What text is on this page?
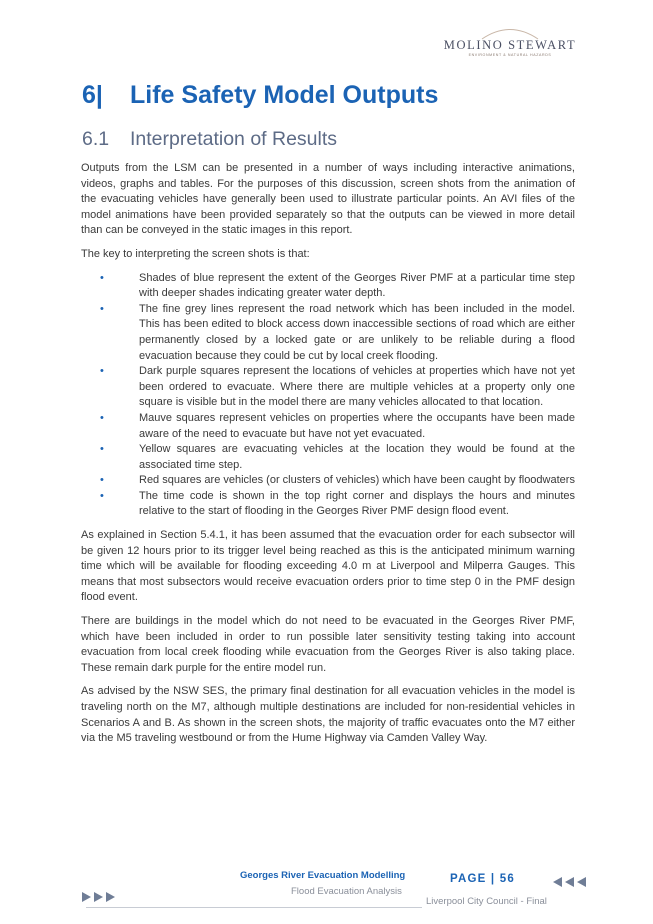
MOLINO STEWART
ENVIRONMENT & NATURAL HAZARDS
6| Life Safety Model Outputs
6.1 Interpretation of Results

Outputs from the LSM can be presented in a number of ways including interactive animations, videos, graphs and tables. For the purposes of this discussion, screen shots from the animation of the evacuating vehicles have generally been used to illustrate particular points. An AVI files of the model animations have been provided separately so that the outputs can be viewed in more detail than can be conveyed in the static images in this report.

The key to interpreting the screen shots is that:

•	Shades of blue represent the extent of the Georges River PMF at a particular time step with deeper shades indicating greater water depth.
•	The fine grey lines represent the road network which has been included in the model. This has been edited to block access down inaccessible sections of road which are either permanently closed by a locked gate or are unlikely to be reliable during a flood evacuation because they could be cut by local creek flooding.
•	Dark purple squares represent the locations of vehicles at properties which have not yet been ordered to evacuate. Where there are multiple vehicles at a property only one square is visible but in the model there are many vehicles allocated to that location.
•	Mauve squares represent vehicles on properties where the occupants have been made aware of the need to evacuate but have not yet evacuated.
•	Yellow squares are evacuating vehicles at the location they would be found at the associated time step.
•	Red squares are vehicles (or clusters of vehicles) which have been caught by floodwaters
•	The time code is shown in the top right corner and displays the hours and minutes relative to the start of flooding in the Georges River PMF design flood event.

As explained in Section 5.4.1, it has been assumed that the evacuation order for each subsector will be given 12 hours prior to its trigger level being reached as this is the anticipated minimum warning time which will be available for flooding exceeding 4.0 m at Liverpool and Milperra Gauges. This means that most subsectors would receive evacuation orders prior to time step 0 in the PMF design flood event.

There are buildings in the model which do not need to be evacuated in the Georges River PMF, which have been included in order to run possible later sensitivity testing taking into account evacuation from local creek flooding while evacuation from the Georges River is also taking place. These remain dark purple for the entire model run.

As advised by the NSW SES, the primary final destination for all evacuation vehicles in the model is traveling north on the M7, although multiple destinations are included for non-residential vehicles in Scenarios A and B. As shown in the screen shots, the majority of traffic evacuates onto the M7 either via the M5 traveling westbound or from the Hume Highway via Camden Valley Way.

Georges River Evacuation Modelling
Flood Evacuation Analysis
PAGE | 56
Liverpool City Council - Final
